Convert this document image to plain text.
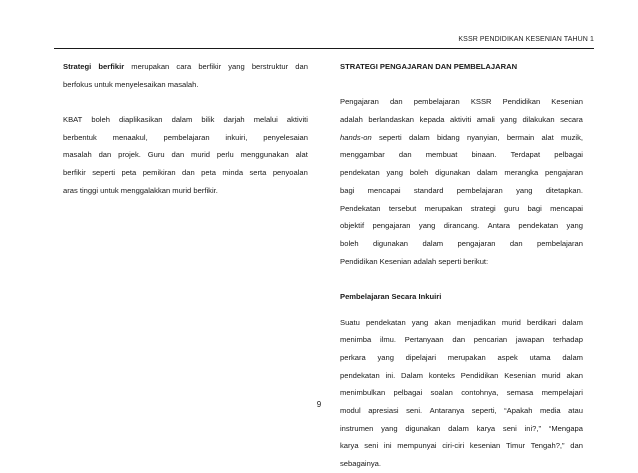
KSSR PENDIDIKAN KESENIAN TAHUN 1
Strategi berfikir merupakan cara berfikir yang berstruktur dan
berfokus untuk menyelesaikan masalah.
KBAT boleh diaplikasikan dalam bilik darjah melalui aktiviti
berbentuk menaakul, pembelajaran inkuiri, penyelesaian
masalah dan projek. Guru dan murid perlu menggunakan alat
berfikir seperti peta pemikiran dan peta minda serta penyoalan
aras tinggi untuk menggalakkan murid berfikir.
STRATEGI PENGAJARAN DAN PEMBELAJARAN
Pengajaran dan pembelajaran KSSR Pendidikan Kesenian
adalah berlandaskan kepada aktiviti amali yang dilakukan secara
hands-on seperti dalam bidang nyanyian, bermain alat muzik,
menggambar dan membuat binaan. Terdapat pelbagai
pendekatan yang boleh digunakan dalam merangka pengajaran
bagi mencapai standard pembelajaran yang ditetapkan.
Pendekatan tersebut merupakan strategi guru bagi mencapai
objektif pengajaran yang dirancang. Antara pendekatan yang
boleh digunakan dalam pengajaran dan pembelajaran
Pendidikan Kesenian adalah seperti berikut:
Pembelajaran Secara Inkuiri
Suatu pendekatan yang akan menjadikan murid berdikari dalam
menimba ilmu. Pertanyaan dan pencarian jawapan terhadap
perkara yang dipelajari merupakan aspek utama dalam
pendekatan ini. Dalam konteks Pendidikan Kesenian murid akan
menimbulkan pelbagai soalan contohnya, semasa mempelajari
modul apresiasi seni. Antaranya seperti, “Apakah media atau
instrumen yang digunakan dalam karya seni ini?,” “Mengapa
karya seni ini mempunyai ciri-ciri kesenian Timur Tengah?,” dan
sebagainya.
9
